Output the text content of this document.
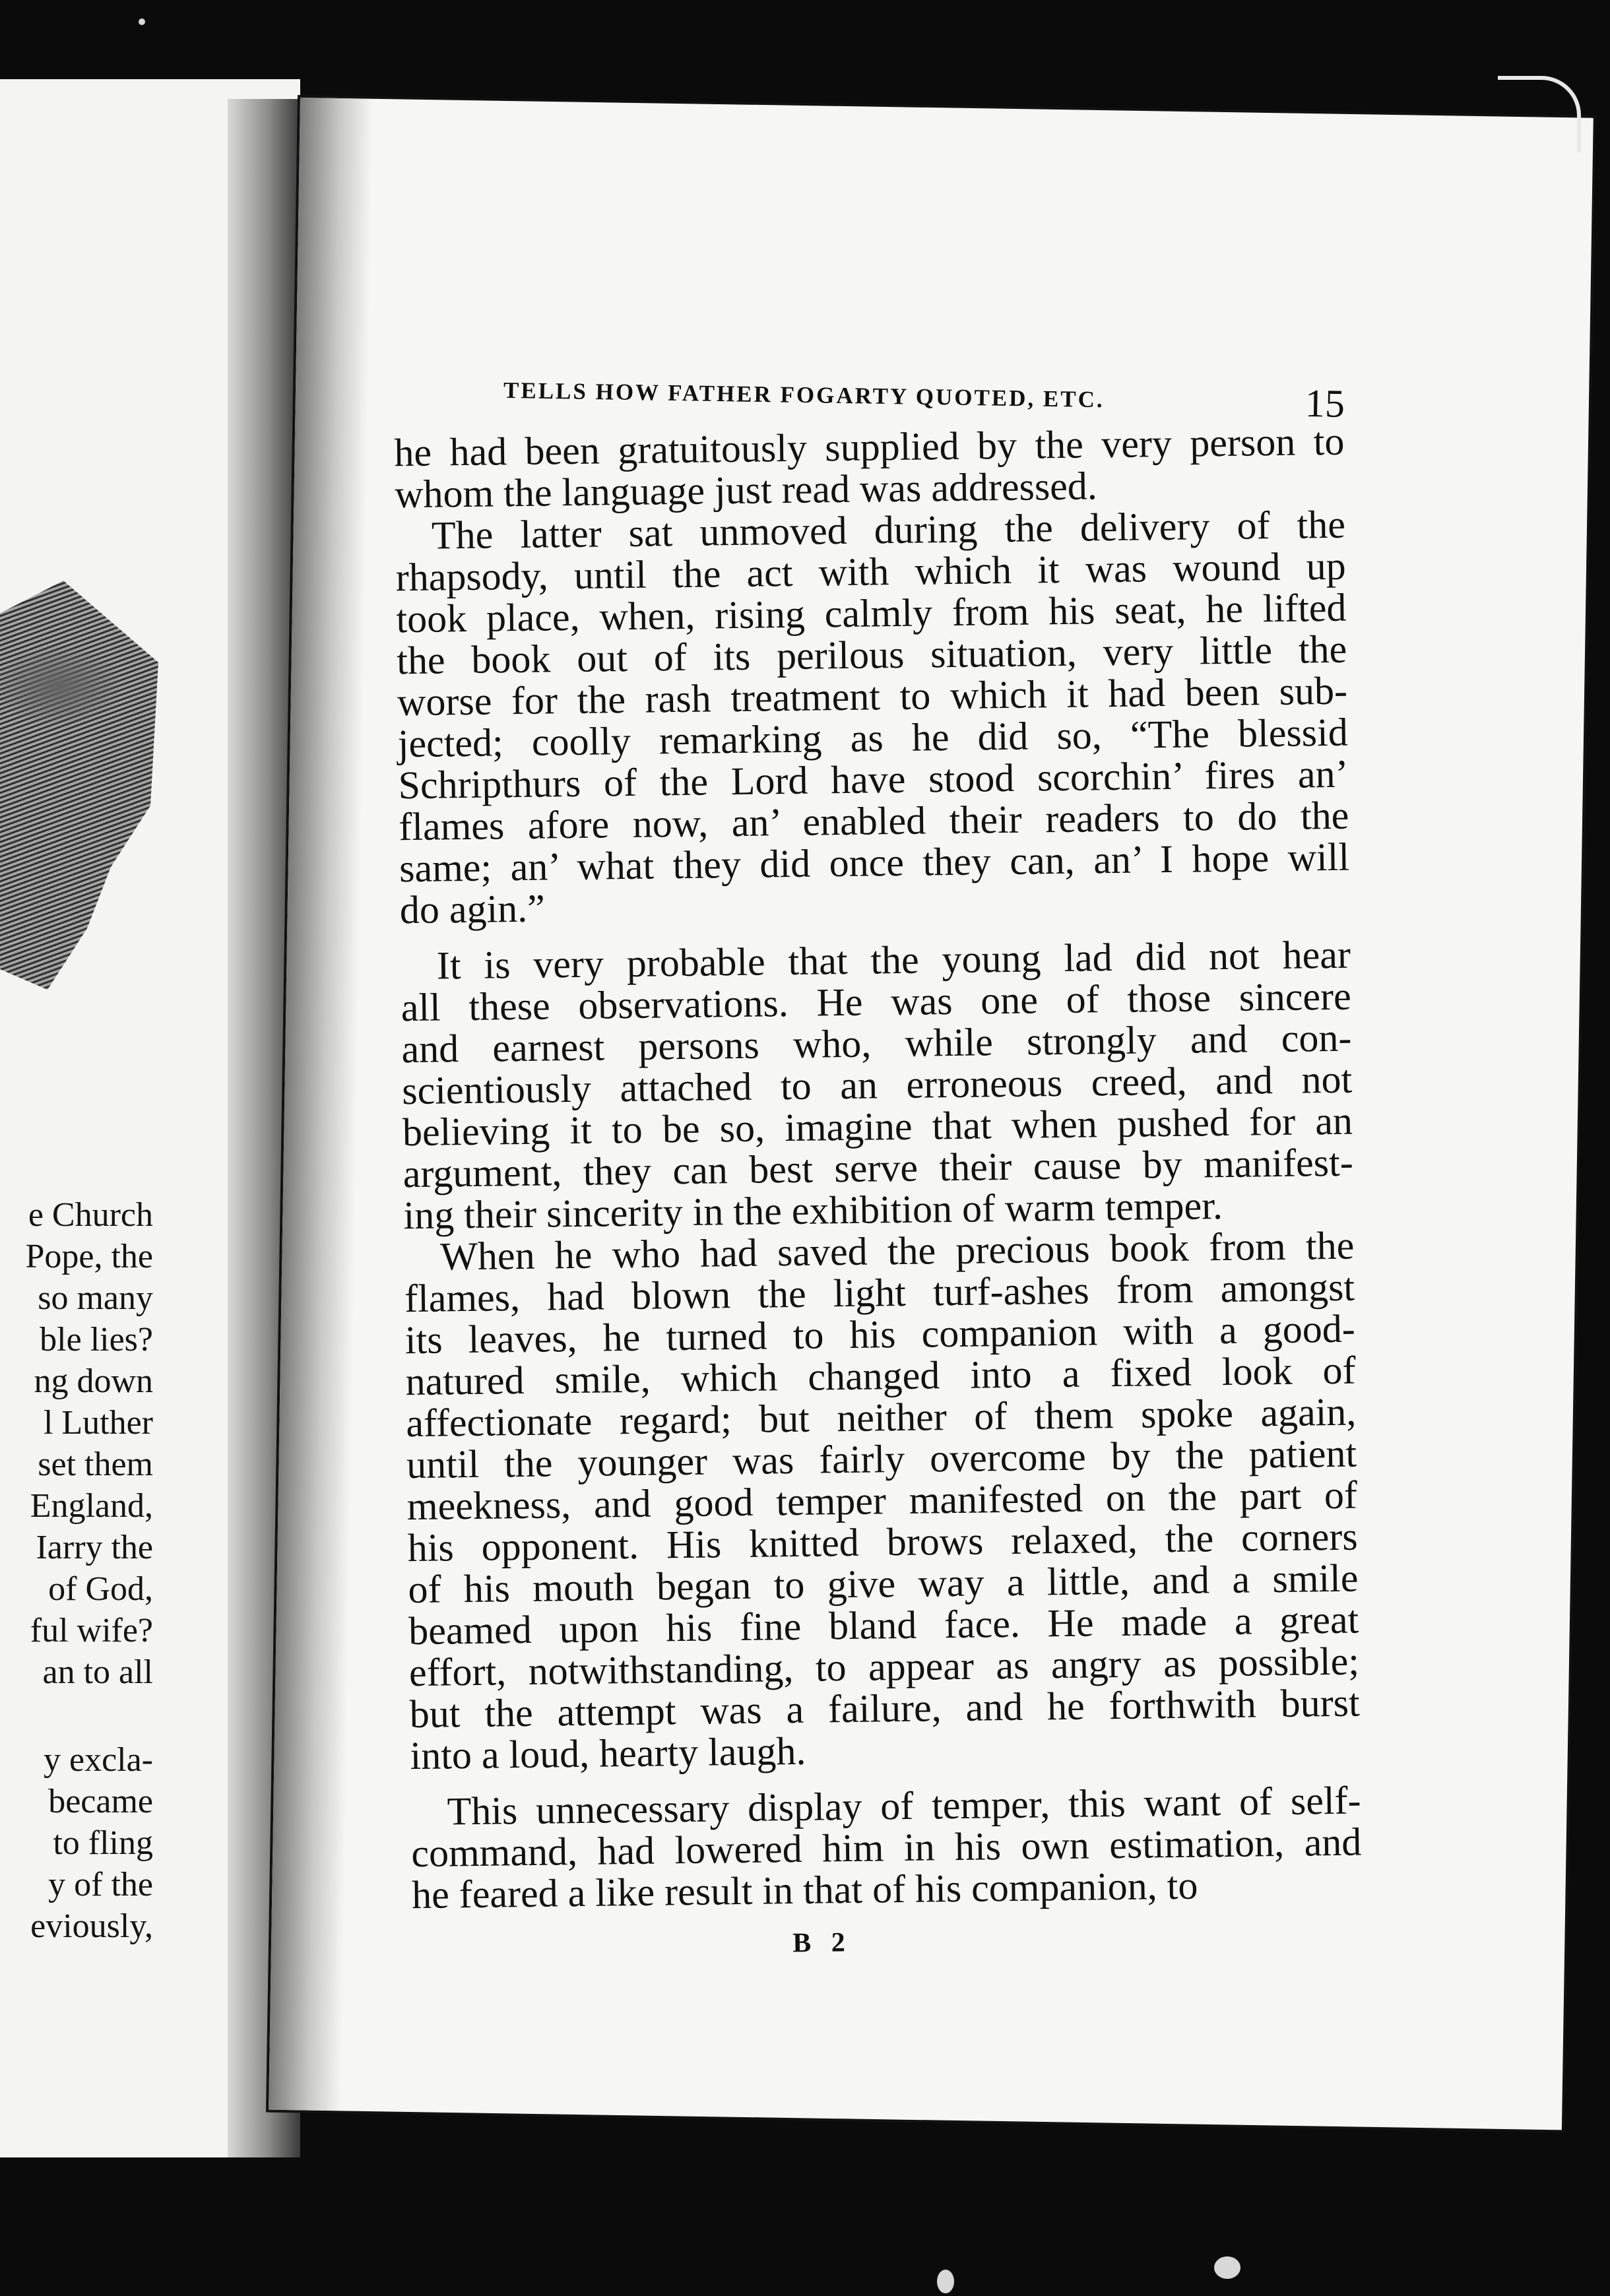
e Church
Pope, the
so many
ble lies?
ng down
l Luther
set them
England,
Iarry the
of God,
ful wife?
an to all
y excla-
became
to fling
y of the
eviously,
TELLS HOW FATHER FOGARTY QUOTED, ETC.	15
he had been gratuitously supplied by the very person to
whom the language just read was addressed.
The latter sat unmoved during the delivery of the
rhapsody, until the act with which it was wound up
took place, when, rising calmly from his seat, he lifted
the book out of its perilous situation, very little the
worse for the rash treatment to which it had been sub-
jected; coolly remarking as he did so, “The blessid
Schripthurs of the Lord have stood scorchin’ fires an’
flames afore now, an’ enabled their readers to do the
same; an’ what they did once they can, an’ I hope will
do agin.”
It is very probable that the young lad did not hear
all these observations. He was one of those sincere
and earnest persons who, while strongly and con-
scientiously attached to an erroneous creed, and not
believing it to be so, imagine that when pushed for an
argument, they can best serve their cause by manifest-
ing their sincerity in the exhibition of warm temper.
When he who had saved the precious book from the
flames, had blown the light turf-ashes from amongst
its leaves, he turned to his companion with a good-
natured smile, which changed into a fixed look of
affectionate regard; but neither of them spoke again,
until the younger was fairly overcome by the patient
meekness, and good temper manifested on the part of
his opponent. His knitted brows relaxed, the corners
of his mouth began to give way a little, and a smile
beamed upon his fine bland face. He made a great
effort, notwithstanding, to appear as angry as possible;
but the attempt was a failure, and he forthwith burst
into a loud, hearty laugh.
This unnecessary display of temper, this want of self-
command, had lowered him in his own estimation, and
he feared a like result in that of his companion, to
B 2
